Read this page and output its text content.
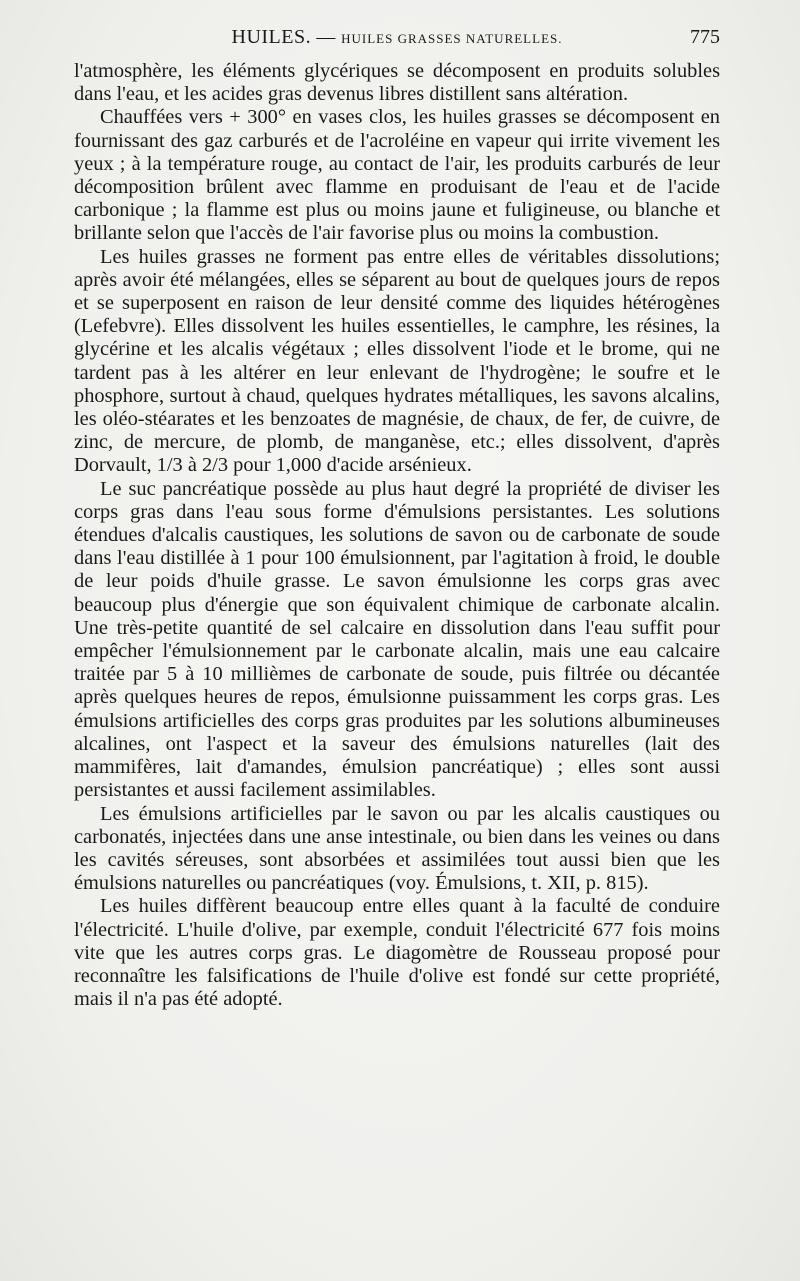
HUILES. — HUILES GRASSES NATURELLES.	775

l'atmosphère, les éléments glycériques se décomposent en produits solubles dans l'eau, et les acides gras devenus libres distillent sans altération.

Chauffées vers + 300° en vases clos, les huiles grasses se décomposent en fournissant des gaz carburés et de l'acroléine en vapeur qui irrite vivement les yeux ; à la température rouge, au contact de l'air, les produits carburés de leur décomposition brûlent avec flamme en produisant de l'eau et de l'acide carbonique ; la flamme est plus ou moins jaune et fuligineuse, ou blanche et brillante selon que l'accès de l'air favorise plus ou moins la combustion.

Les huiles grasses ne forment pas entre elles de véritables dissolutions; après avoir été mélangées, elles se séparent au bout de quelques jours de repos et se superposent en raison de leur densité comme des liquides hétérogènes (Lefebvre). Elles dissolvent les huiles essentielles, le camphre, les résines, la glycérine et les alcalis végétaux ; elles dissolvent l'iode et le brome, qui ne tardent pas à les altérer en leur enlevant de l'hydrogène; le soufre et le phosphore, surtout à chaud, quelques hydrates métalliques, les savons alcalins, les oléo-stéarates et les benzoates de magnésie, de chaux, de fer, de cuivre, de zinc, de mercure, de plomb, de manganèse, etc.; elles dissolvent, d'après Dorvault, 1/3 à 2/3 pour 1,000 d'acide arsénieux.

Le suc pancréatique possède au plus haut degré la propriété de diviser les corps gras dans l'eau sous forme d'émulsions persistantes. Les solutions étendues d'alcalis caustiques, les solutions de savon ou de carbonate de soude dans l'eau distillée à 1 pour 100 émulsionnent, par l'agitation à froid, le double de leur poids d'huile grasse. Le savon émulsionne les corps gras avec beaucoup plus d'énergie que son équivalent chimique de carbonate alcalin. Une très-petite quantité de sel calcaire en dissolution dans l'eau suffit pour empêcher l'émulsionnement par le carbonate alcalin, mais une eau calcaire traitée par 5 à 10 millièmes de carbonate de soude, puis filtrée ou décantée après quelques heures de repos, émulsionne puissamment les corps gras. Les émulsions artificielles des corps gras produites par les solutions albumineuses alcalines, ont l'aspect et la saveur des émulsions naturelles (lait des mammifères, lait d'amandes, émulsion pancréatique) ; elles sont aussi persistantes et aussi facilement assimilables.

Les émulsions artificielles par le savon ou par les alcalis caustiques ou carbonatés, injectées dans une anse intestinale, ou bien dans les veines ou dans les cavités séreuses, sont absorbées et assimilées tout aussi bien que les émulsions naturelles ou pancréatiques (voy. Émulsions, t. XII, p. 815).

Les huiles diffèrent beaucoup entre elles quant à la faculté de conduire l'électricité. L'huile d'olive, par exemple, conduit l'électricité 677 fois moins vite que les autres corps gras. Le diagomètre de Rousseau proposé pour reconnaître les falsifications de l'huile d'olive est fondé sur cette propriété, mais il n'a pas été adopté.
